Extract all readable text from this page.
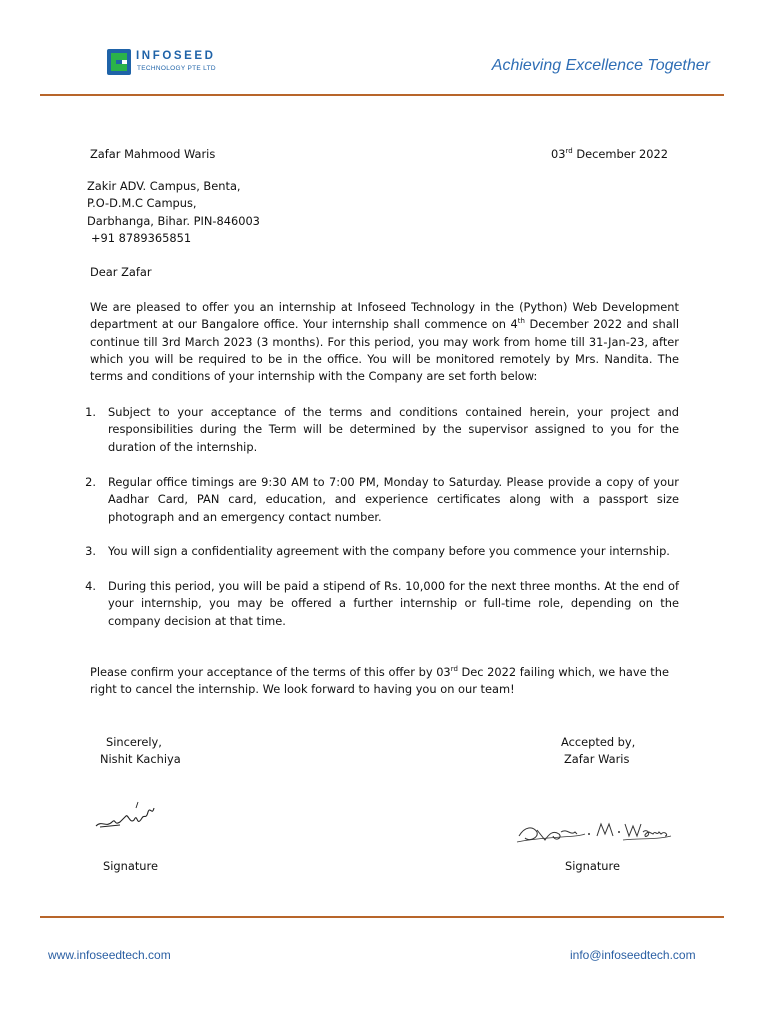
INFOSEED
TECHNOLOGY PTE LTD	Achieving Excellence Together
Zafar Mahmood Waris	03rd December 2022
Zakir ADV. Campus, Benta,
P.O-D.M.C Campus,
Darbhanga, Bihar. PIN-846003
+91 8789365851
Dear Zafar
We are pleased to offer you an internship at Infoseed Technology in the (Python) Web Development department at our Bangalore office. Your internship shall commence on 4th December 2022 and shall continue till 3rd March 2023 (3 months). For this period, you may work from home till 31-Jan-23, after which you will be required to be in the office. You will be monitored remotely by Mrs. Nandita. The terms and conditions of your internship with the Company are set forth below:
1. Subject to your acceptance of the terms and conditions contained herein, your project and responsibilities during the Term will be determined by the supervisor assigned to you for the duration of the internship.
2. Regular office timings are 9:30 AM to 7:00 PM, Monday to Saturday. Please provide a copy of your Aadhar Card, PAN card, education, and experience certificates along with a passport size photograph and an emergency contact number.
3. You will sign a confidentiality agreement with the company before you commence your internship.
4. During this period, you will be paid a stipend of Rs. 10,000 for the next three months. At the end of your internship, you may be offered a further internship or full-time role, depending on the company decision at that time.
Please confirm your acceptance of the terms of this offer by 03rd Dec 2022 failing which, we have the right to cancel the internship. We look forward to having you on our team!
Sincerely,
Nishit Kachiya
Accepted by,
Zafar Waris
Signature	Signature
www.infoseedtech.com	info@infoseedtech.com
